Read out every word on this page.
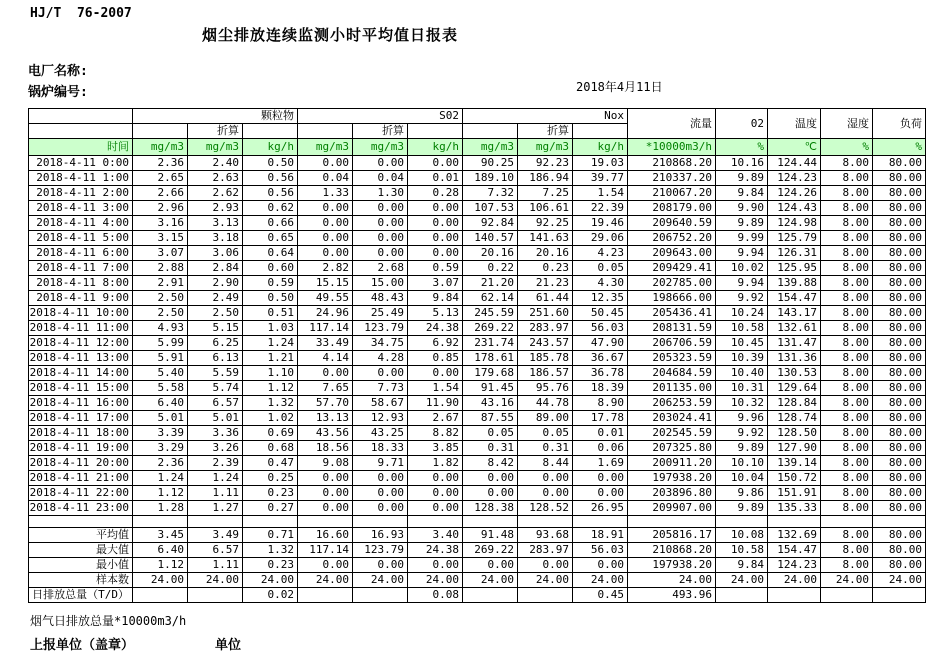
HJ/T  76-2007
烟尘排放连续监测小时平均值日报表
电厂名称:
锅炉编号:	2018年4月11日
	颗粒物			S02			Nox			流量	02	温度	湿度	负荷
		折算			折算			折算						
时间	mg/m3	mg/m3	kg/h	mg/m3	mg/m3	kg/h	mg/m3	mg/m3	kg/h	*10000m3/h	%	℃	%	%
2018-4-11 0:00	2.36	2.40	0.50	0.00	0.00	0.00	90.25	92.23	19.03	210868.20	10.16	124.44	8.00	80.00
2018-4-11 1:00	2.65	2.63	0.56	0.04	0.04	0.01	189.10	186.94	39.77	210337.20	9.89	124.23	8.00	80.00
2018-4-11 2:00	2.66	2.62	0.56	1.33	1.30	0.28	7.32	7.25	1.54	210067.20	9.84	124.26	8.00	80.00
2018-4-11 3:00	2.96	2.93	0.62	0.00	0.00	0.00	107.53	106.61	22.39	208179.00	9.90	124.43	8.00	80.00
2018-4-11 4:00	3.16	3.13	0.66	0.00	0.00	0.00	92.84	92.25	19.46	209640.59	9.89	124.98	8.00	80.00
2018-4-11 5:00	3.15	3.18	0.65	0.00	0.00	0.00	140.57	141.63	29.06	206752.20	9.99	125.79	8.00	80.00
2018-4-11 6:00	3.07	3.06	0.64	0.00	0.00	0.00	20.16	20.16	4.23	209643.00	9.94	126.31	8.00	80.00
2018-4-11 7:00	2.88	2.84	0.60	2.82	2.68	0.59	0.22	0.23	0.05	209429.41	10.02	125.95	8.00	80.00
2018-4-11 8:00	2.91	2.90	0.59	15.15	15.00	3.07	21.20	21.23	4.30	202785.00	9.94	139.88	8.00	80.00
2018-4-11 9:00	2.50	2.49	0.50	49.55	48.43	9.84	62.14	61.44	12.35	198666.00	9.92	154.47	8.00	80.00
2018-4-11 10:00	2.50	2.50	0.51	24.96	25.49	5.13	245.59	251.60	50.45	205436.41	10.24	143.17	8.00	80.00
2018-4-11 11:00	4.93	5.15	1.03	117.14	123.79	24.38	269.22	283.97	56.03	208131.59	10.58	132.61	8.00	80.00
2018-4-11 12:00	5.99	6.25	1.24	33.49	34.75	6.92	231.74	243.57	47.90	206706.59	10.45	131.47	8.00	80.00
2018-4-11 13:00	5.91	6.13	1.21	4.14	4.28	0.85	178.61	185.78	36.67	205323.59	10.39	131.36	8.00	80.00
2018-4-11 14:00	5.40	5.59	1.10	0.00	0.00	0.00	179.68	186.57	36.78	204684.59	10.40	130.53	8.00	80.00
2018-4-11 15:00	5.58	5.74	1.12	7.65	7.73	1.54	91.45	95.76	18.39	201135.00	10.31	129.64	8.00	80.00
2018-4-11 16:00	6.40	6.57	1.32	57.70	58.67	11.90	43.16	44.78	8.90	206253.59	10.32	128.84	8.00	80.00
2018-4-11 17:00	5.01	5.01	1.02	13.13	12.93	2.67	87.55	89.00	17.78	203024.41	9.96	128.74	8.00	80.00
2018-4-11 18:00	3.39	3.36	0.69	43.56	43.25	8.82	0.05	0.05	0.01	202545.59	9.92	128.50	8.00	80.00
2018-4-11 19:00	3.29	3.26	0.68	18.56	18.33	3.85	0.31	0.31	0.06	207325.80	9.89	127.90	8.00	80.00
2018-4-11 20:00	2.36	2.39	0.47	9.08	9.71	1.82	8.42	8.44	1.69	200911.20	10.10	139.14	8.00	80.00
2018-4-11 21:00	1.24	1.24	0.25	0.00	0.00	0.00	0.00	0.00	0.00	197938.20	10.04	150.72	8.00	80.00
2018-4-11 22:00	1.12	1.11	0.23	0.00	0.00	0.00	0.00	0.00	0.00	203896.80	9.86	151.91	8.00	80.00
2018-4-11 23:00	1.28	1.27	0.27	0.00	0.00	0.00	128.38	128.52	26.95	209907.00	9.89	135.33	8.00	80.00

平均值	3.45	3.49	0.71	16.60	16.93	3.40	91.48	93.68	18.91	205816.17	10.08	132.69	8.00	80.00
最大值	6.40	6.57	1.32	117.14	123.79	24.38	269.22	283.97	56.03	210868.20	10.58	154.47	8.00	80.00
最小值	1.12	1.11	0.23	0.00	0.00	0.00	0.00	0.00	0.00	197938.20	9.84	124.23	8.00	80.00
样本数	24.00	24.00	24.00	24.00	24.00	24.00	24.00	24.00	24.00	24.00	24.00	24.00	24.00	24.00
日排放总量（T/D）			0.02			0.08			0.45	493.96				
烟气日排放总量*10000m3/h
上报单位（盖章）	单位
